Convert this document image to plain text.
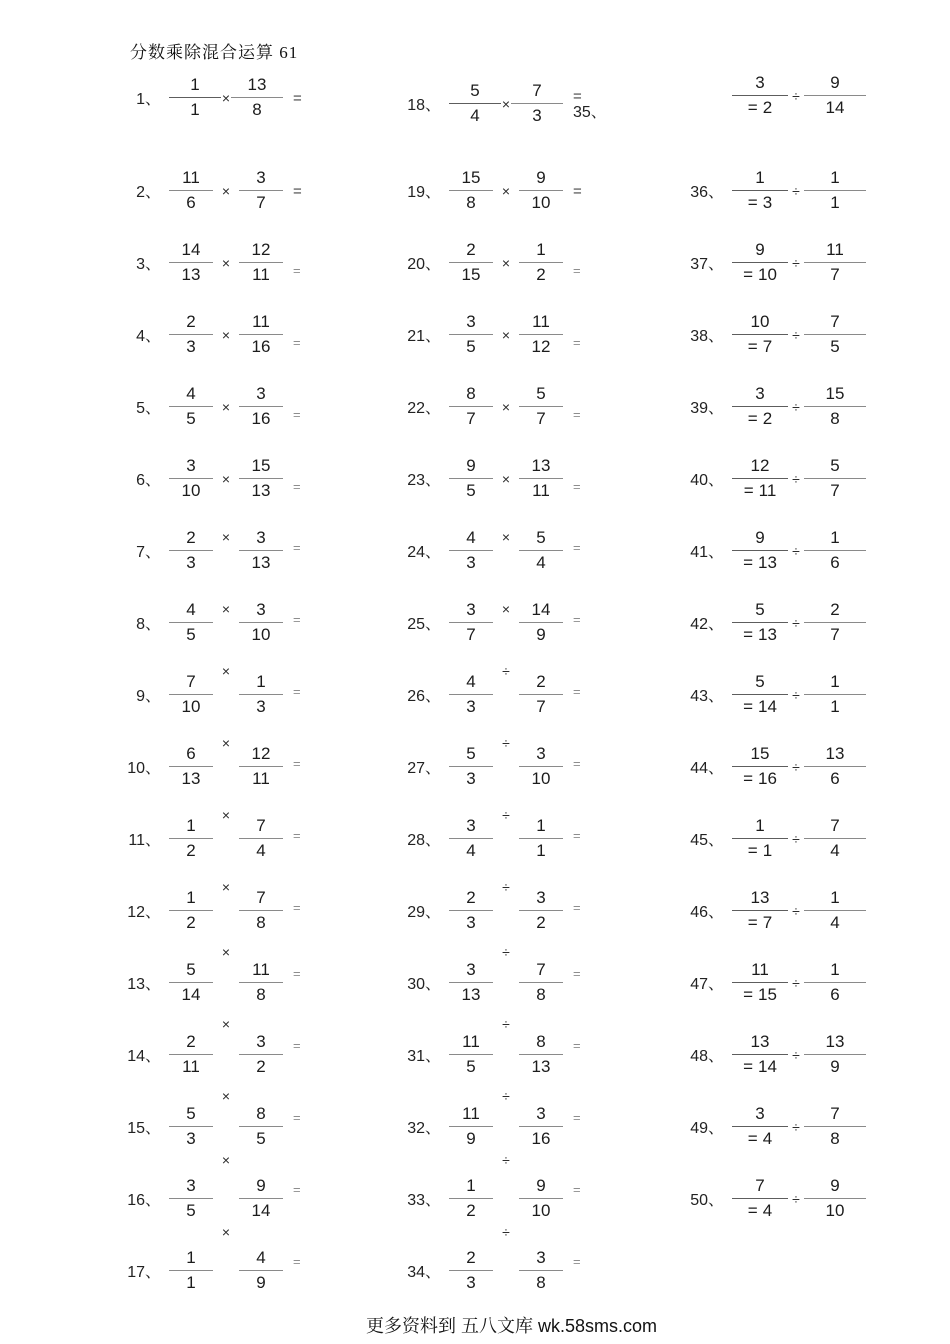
分数乘除混合运算 61
1、 $\frac{1}{1} \times \frac{13}{8}$ =
2、 $\frac{11}{6} \times \frac{3}{7}$ =
3、 $\frac{14}{13} \times \frac{12}{11}$ =
4、 $\frac{2}{3} \times \frac{11}{16}$ =
5、 $\frac{4}{5} \times \frac{3}{16}$ =
6、 $\frac{3}{10} \times \frac{15}{13}$ =
7、 $\frac{2}{3} \times \frac{3}{13}$ =
8、 $\frac{4}{5} \times \frac{3}{10}$ =
9、 $\frac{7}{10} \times \frac{1}{3}$ =
10、 $\frac{6}{13} \times \frac{12}{11}$ =
11、 $\frac{1}{2} \times \frac{7}{4}$ =
12、 $\frac{1}{2} \times \frac{7}{8}$ =
13、 $\frac{5}{14}$
×
$\frac{11}{8}$ =
14、 $\frac{2}{11}$
×
$\frac{3}{2}$ =
15、 $\frac{5}{3}$
×
$\frac{8}{5}$ =
16、 $\frac{3}{5}$
×
$\frac{9}{14}$ =
17、 $\frac{1}{1}$
×
$\frac{4}{9}$ =
18、 $\frac{5}{4} \times \frac{7}{3}$ =
35、
19、 $\frac{15}{8} \times \frac{9}{10}$ =
20、 $\frac{2}{15} \times \frac{1}{2}$ =
21、 $\frac{3}{5} \times \frac{11}{12}$ =
22、 $\frac{8}{7} \times \frac{5}{7}$ =
23、 $\frac{9}{5} \times \frac{13}{11}$ =
24、 $\frac{4}{3} \times \frac{5}{4}$ =
25、 $\frac{3}{7} \times \frac{14}{9}$ =
26、 $\frac{4}{3} \div \frac{2}{7}$ =
27、 $\frac{5}{3} \div \frac{3}{10}$ =
28、 $\frac{3}{4} \div \frac{1}{1}$ =
29、 $\frac{2}{3} \div \frac{3}{2}$ =
30、 $\frac{3}{13}$
÷
$\frac{7}{8}$ =
31、 $\frac{11}{5}$
÷
$\frac{8}{13}$ =
32、 $\frac{11}{9}$
÷
$\frac{3}{16}$ =
33、 $\frac{1}{2}$
÷
$\frac{9}{10}$ =
34、 $\frac{2}{3}$
÷
$\frac{3}{8}$ =
$\frac{3}{= 2} \div \frac{9}{14}$
36、 $\frac{1}{= 3} \div \frac{1}{1}$
37、 $\frac{9}{= 10} \div \frac{11}{7}$
38、 $\frac{10}{= 7} \div \frac{7}{5}$
39、 $\frac{3}{= 2} \div \frac{15}{8}$
40、 $\frac{12}{= 11} \div \frac{5}{7}$
41、 $\frac{9}{= 13} \div \frac{1}{6}$
42、 $\frac{5}{= 13} \div \frac{2}{7}$
43、 $\frac{5}{= 14} \div \frac{1}{1}$
44、 $\frac{15}{= 16} \div \frac{13}{6}$
45、 $\frac{1}{= 1} \div \frac{7}{4}$
46、 $\frac{13}{= 7} \div \frac{1}{4}$
47、 $\frac{11}{= 15} \div \frac{1}{6}$
48、 $\frac{13}{= 14} \div \frac{13}{9}$
49、 $\frac{3}{= 4} \div \frac{7}{8}$
50、 $\frac{7}{= 4} \div \frac{9}{10}$
更多资料到 五八文库 wk.58sms.com
